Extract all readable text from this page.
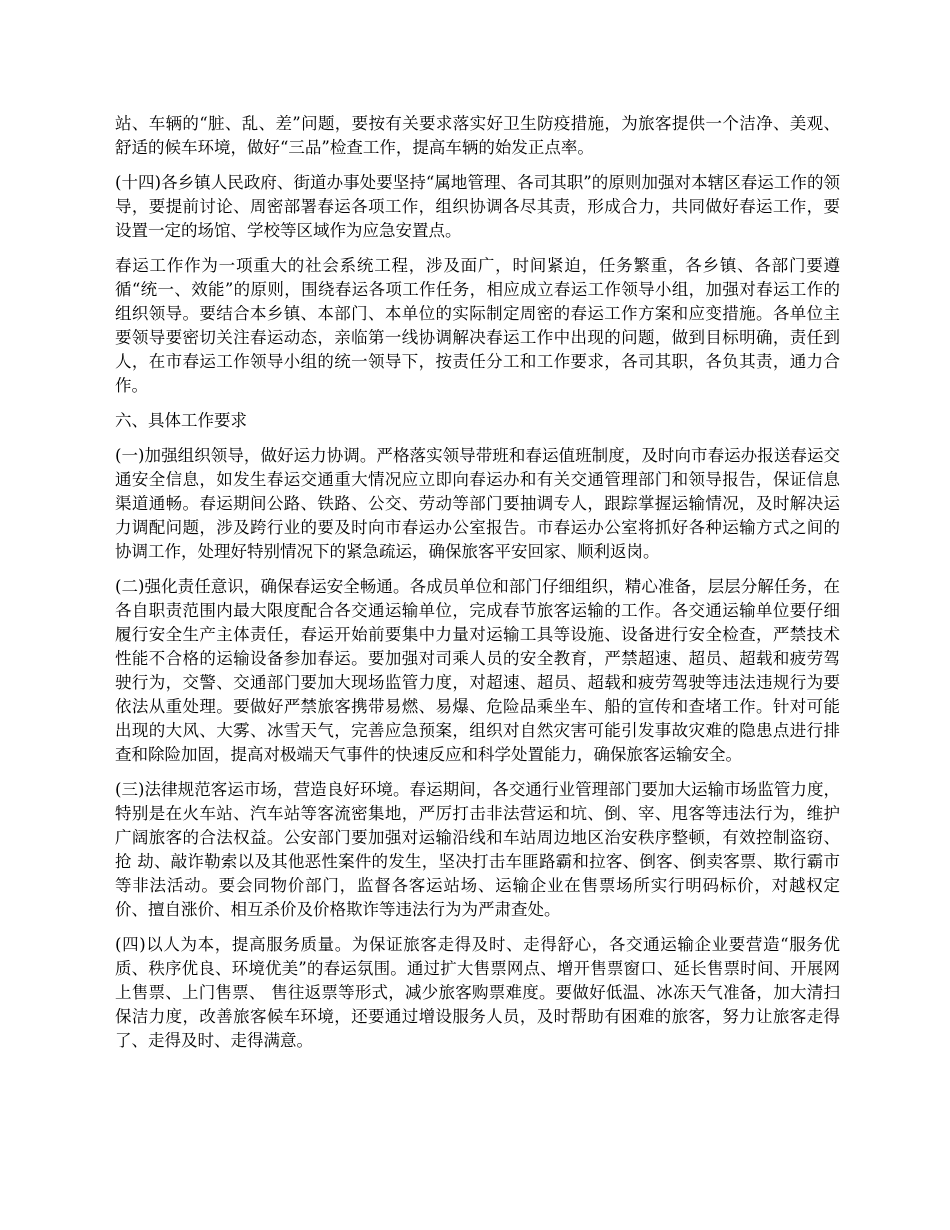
站、车辆的“脏、乱、差”问题，要按有关要求落实好卫生防疫措施，为旅客提供一个洁净、美观、舒适的候车环境，做好“三品”检查工作，提高车辆的始发正点率。

(十四)各乡镇人民政府、街道办事处要坚持“属地管理、各司其职”的原则加强对本辖区春运工作的领导，要提前讨论、周密部署春运各项工作，组织协调各尽其责，形成合力，共同做好春运工作，要设置一定的场馆、学校等区域作为应急安置点。

春运工作作为一项重大的社会系统工程，涉及面广，时间紧迫，任务繁重，各乡镇、各部门要遵循“统一、效能”的原则，围绕春运各项工作任务，相应成立春运工作领导小组，加强对春运工作的组织领导。要结合本乡镇、本部门、本单位的实际制定周密的春运工作方案和应变措施。各单位主要领导要密切关注春运动态，亲临第一线协调解决春运工作中出现的问题，做到目标明确，责任到人，在市春运工作领导小组的统一领导下，按责任分工和工作要求，各司其职，各负其责，通力合作。

六、具体工作要求

(一)加强组织领导，做好运力协调。严格落实领导带班和春运值班制度，及时向市春运办报送春运交通安全信息，如发生春运交通重大情况应立即向春运办和有关交通管理部门和领导报告，保证信息渠道通畅。春运期间公路、铁路、公交、劳动等部门要抽调专人，跟踪掌握运输情况，及时解决运力调配问题，涉及跨行业的要及时向市春运办公室报告。市春运办公室将抓好各种运输方式之间的协调工作，处理好特别情况下的紧急疏运，确保旅客平安回家、顺利返岗。

(二)强化责任意识，确保春运安全畅通。各成员单位和部门仔细组织，精心准备，层层分解任务，在各自职责范围内最大限度配合各交通运输单位，完成春节旅客运输的工作。各交通运输单位要仔细履行安全生产主体责任，春运开始前要集中力量对运输工具等设施、设备进行安全检查，严禁技术性能不合格的运输设备参加春运。要加强对司乘人员的安全教育，严禁超速、超员、超载和疲劳驾驶行为，交警、交通部门要加大现场监管力度，对超速、超员、超载和疲劳驾驶等违法违规行为要依法从重处理。要做好严禁旅客携带易燃、易爆、危险品乘坐车、船的宣传和查堵工作。针对可能出现的大风、大雾、冰雪天气，完善应急预案，组织对自然灾害可能引发事故灾难的隐患点进行排查和除险加固，提高对极端天气事件的快速反应和科学处置能力，确保旅客运输安全。

(三)法律规范客运市场，营造良好环境。春运期间，各交通行业管理部门要加大运输市场监管力度，特别是在火车站、汽车站等客流密集地，严厉打击非法营运和坑、倒、宰、甩客等违法行为，维护广阔旅客的合法权益。公安部门要加强对运输沿线和车站周边地区治安秩序整顿，有效控制盗窃、抢 劫、敲诈勒索以及其他恶性案件的发生，坚决打击车匪路霸和拉客、倒客、倒卖客票、欺行霸市等非法活动。要会同物价部门，监督各客运站场、运输企业在售票场所实行明码标价，对越权定价、擅自涨价、相互杀价及价格欺诈等违法行为为严肃查处。

(四)以人为本，提高服务质量。为保证旅客走得及时、走得舒心，各交通运输企业要营造“服务优质、秩序优良、环境优美”的春运氛围。通过扩大售票网点、增开售票窗口、延长售票时间、开展网上售票、上门售票、 售往返票等形式，减少旅客购票难度。要做好低温、冰冻天气准备，加大清扫保洁力度，改善旅客候车环境，还要通过增设服务人员，及时帮助有困难的旅客，努力让旅客走得了、走得及时、走得满意。
